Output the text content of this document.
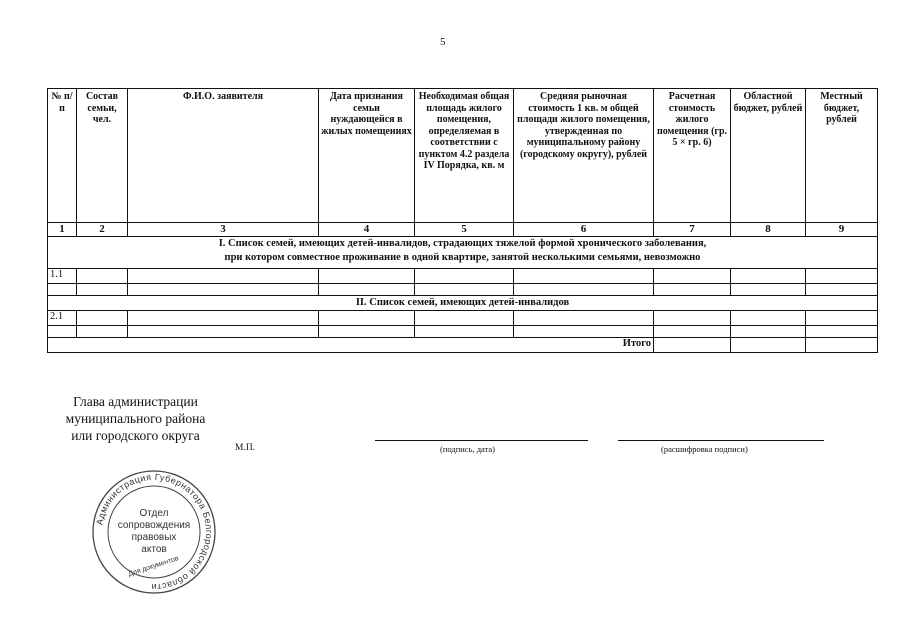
5
№ п/п	Состав семьи, чел.	Ф.И.О. заявителя	Дата признания семьи нуждающейся в жилых помещениях	Необходимая общая площадь жилого помещения, определяемая в соответствии с пунктом 4.2 раздела IV Порядка, кв. м	Средняя рыночная стоимость 1 кв. м общей площади жилого помещения, утвержденная по муниципальному району (городскому округу), рублей	Расчетная стоимость жилого помещения (гр. 5 × гр. 6)	Областной бюджет, рублей	Местный бюджет, рублей
1	2	3	4	5	6	7	8	9
I. Список семей, имеющих детей-инвалидов, страдающих тяжелой формой хронического заболевания,
при котором совместное проживание в одной квартире, занятой несколькими семьями, невозможно								
1.1								

II. Список семей, имеющих детей-инвалидов								
2.1								

Итого								
Глава администрации
муниципального района
или городского округа
М.П.	(подпись, дата)	(расшифровка подписи)
Администрация Губернатора Белгородской области
Отдел
сопровождения
правовых
актов
Для документов
